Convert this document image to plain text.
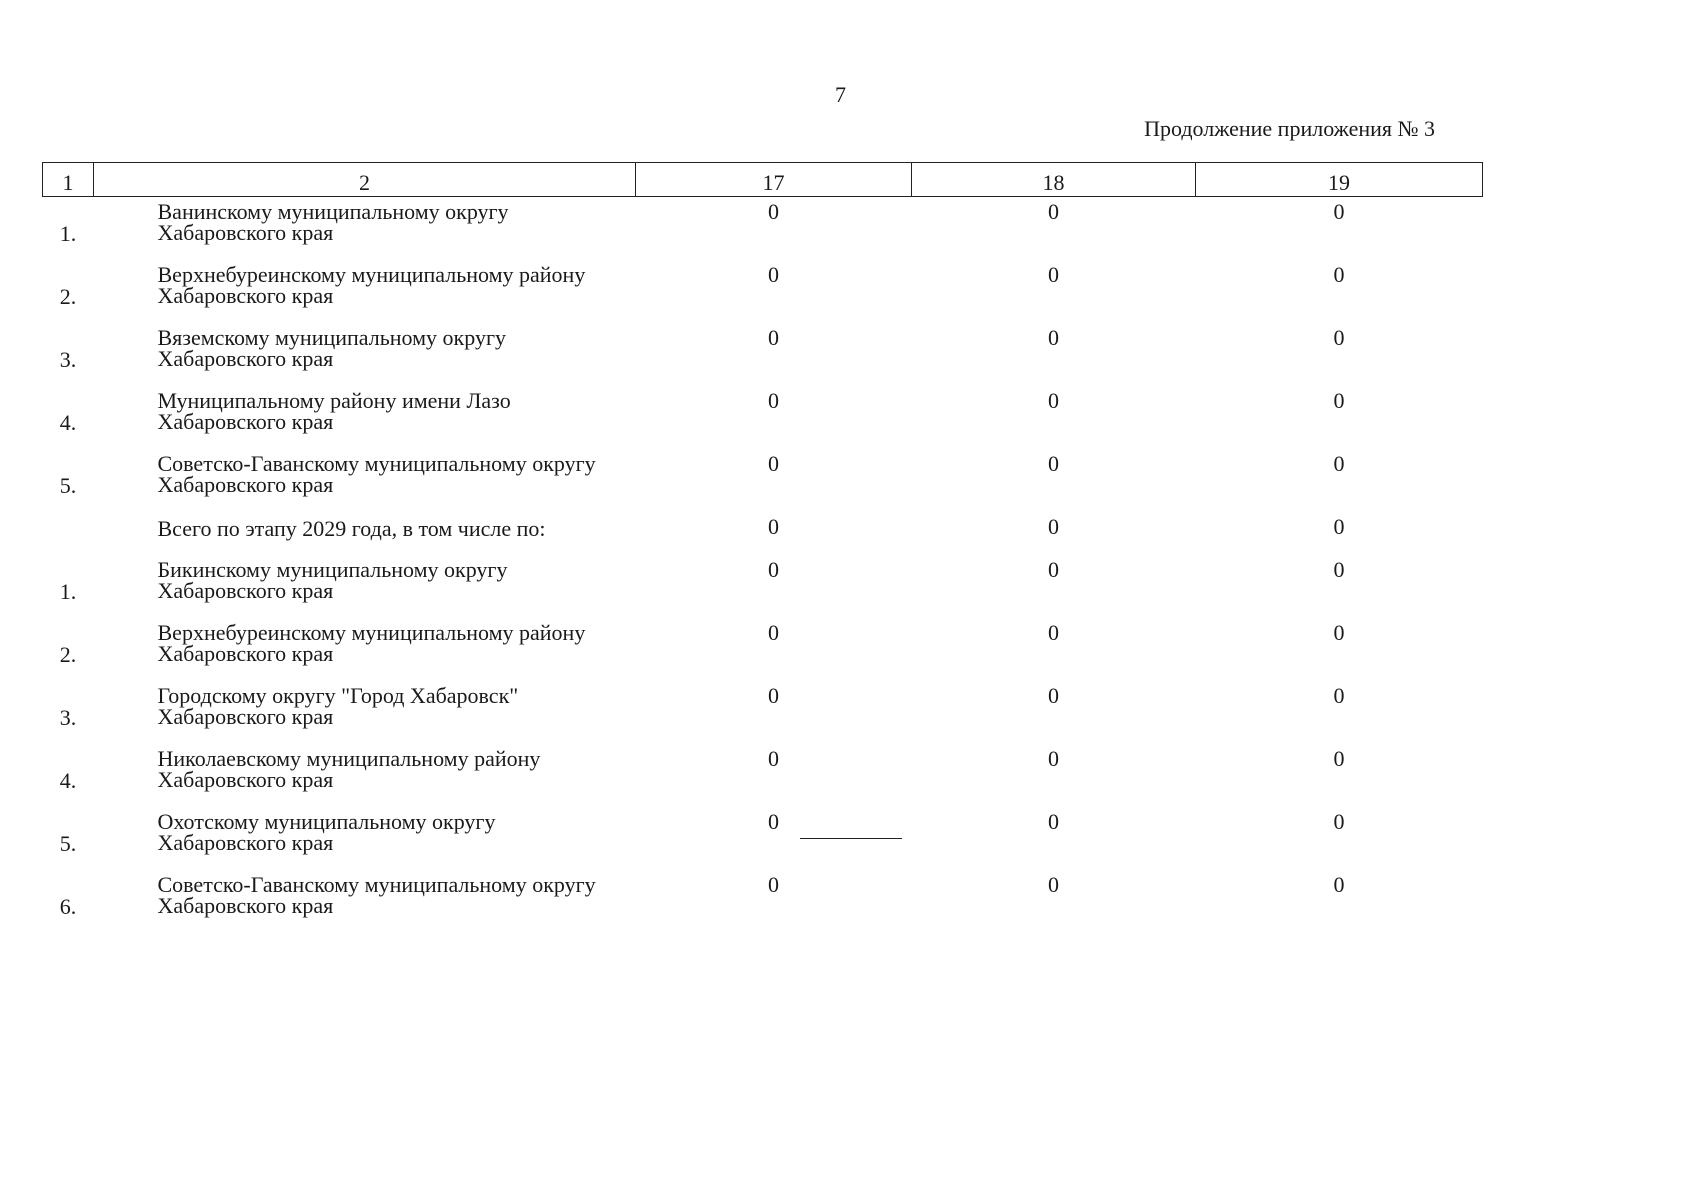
7
Продолжение приложения № 3
1	2	17	18	19
1.	Ванинскому муниципальному округу
Хабаровского края	0	0	0
2.	Верхнебуреинскому муниципальному району
Хабаровского края	0	0	0
3.	Вяземскому муниципальному округу
Хабаровского края	0	0	0
4.	Муниципальному району имени Лазо
Хабаровского края	0	0	0
5.	Советско-Гаванскому муниципальному округу
Хабаровского края	0	0	0

	Всего по этапу 2029 года, в том числе по:	0	0	0
1.	Бикинскому муниципальному округу
Хабаровского края	0	0	0
2.	Верхнебуреинскому муниципальному району
Хабаровского края	0	0	0
3.	Городскому округу "Город Хабаровск"
Хабаровского края	0	0	0
4.	Николаевскому муниципальному району
Хабаровского края	0	0	0
5.	Охотскому муниципальному округу
Хабаровского края	0	0	0
6.	Советско-Гаванскому муниципальному округу
Хабаровского края	0	0	0
